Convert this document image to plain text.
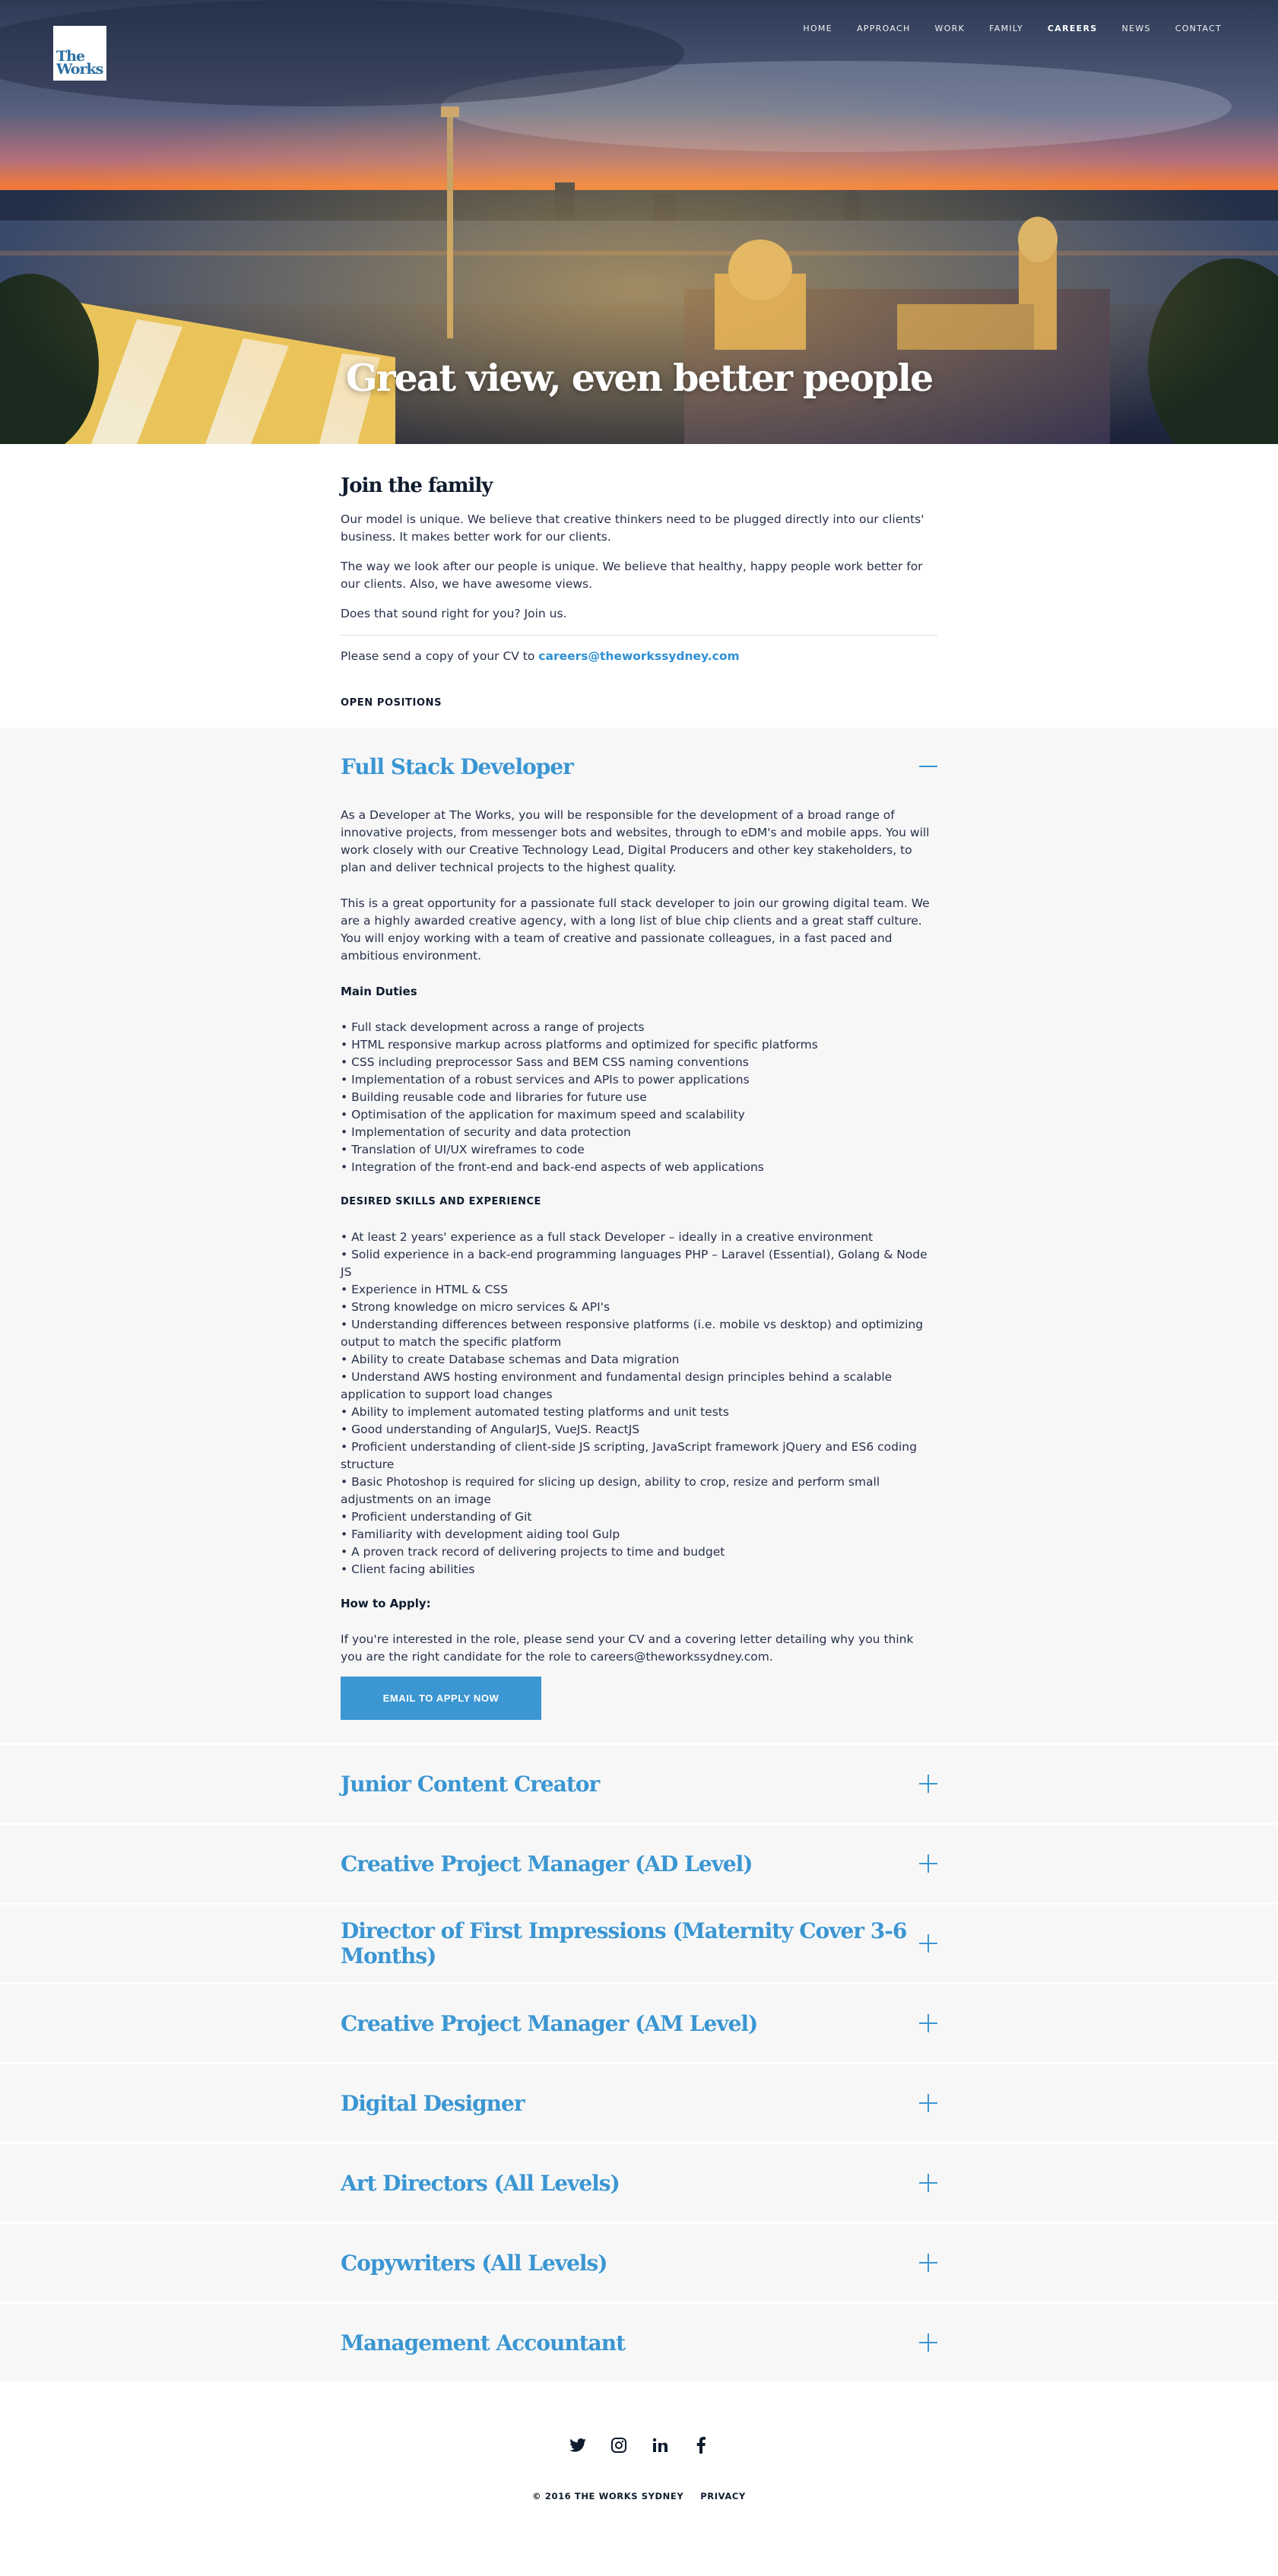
The
Works
HOME	APPROACH	WORK	FAMILY	CAREERS	NEWS	CONTACT
Great view, even better people
Join the family

Our model is unique. We believe that creative thinkers need to be plugged directly into our clients' business. It makes better work for our clients.

The way we look after our people is unique. We believe that healthy, happy people work better for our clients. Also, we have awesome views.

Does that sound right for you? Join us.

Please send a copy of your CV to careers@theworkssydney.com

OPEN POSITIONS
Full Stack Developer

As a Developer at The Works, you will be responsible for the development of a broad range of innovative projects, from messenger bots and websites, through to eDM's and mobile apps. You will work closely with our Creative Technology Lead, Digital Producers and other key stakeholders, to plan and deliver technical projects to the highest quality.

This is a great opportunity for a passionate full stack developer to join our growing digital team. We are a highly awarded creative agency, with a long list of blue chip clients and a great staff culture. You will enjoy working with a team of creative and passionate colleagues, in a fast paced and ambitious environment.

Main Duties

• Full stack development across a range of projects
• HTML responsive markup across platforms and optimized for specific platforms
• CSS including preprocessor Sass and BEM CSS naming conventions
• Implementation of a robust services and APIs to power applications
• Building reusable code and libraries for future use
• Optimisation of the application for maximum speed and scalability
• Implementation of security and data protection
• Translation of UI/UX wireframes to code
• Integration of the front-end and back-end aspects of web applications

DESIRED SKILLS AND EXPERIENCE

• At least 2 years' experience as a full stack Developer – ideally in a creative environment
• Solid experience in a back-end programming languages PHP – Laravel (Essential), Golang & Node JS
• Experience in HTML & CSS
• Strong knowledge on micro services & API's
• Understanding differences between responsive platforms (i.e. mobile vs desktop) and optimizing output to match the specific platform
• Ability to create Database schemas and Data migration
• Understand AWS hosting environment and fundamental design principles behind a scalable application to support load changes
• Ability to implement automated testing platforms and unit tests
• Good understanding of AngularJS, VueJS. ReactJS
• Proficient understanding of client-side JS scripting, JavaScript framework jQuery and ES6 coding structure
• Basic Photoshop is required for slicing up design, ability to crop, resize and perform small adjustments on an image
• Proficient understanding of Git
• Familiarity with development aiding tool Gulp
• A proven track record of delivering projects to time and budget
• Client facing abilities

How to Apply:

If you're interested in the role, please send your CV and a covering letter detailing why you think you are the right candidate for the role to careers@theworkssydney.com.

EMAIL TO APPLY NOW
Junior Content Creator
Creative Project Manager (AD Level)
Director of First Impressions (Maternity Cover 3-6 Months)
Creative Project Manager (AM Level)
Digital Designer
Art Directors (All Levels)
Copywriters (All Levels)
Management Accountant
© 2016 THE WORKS SYDNEY PRIVACY
